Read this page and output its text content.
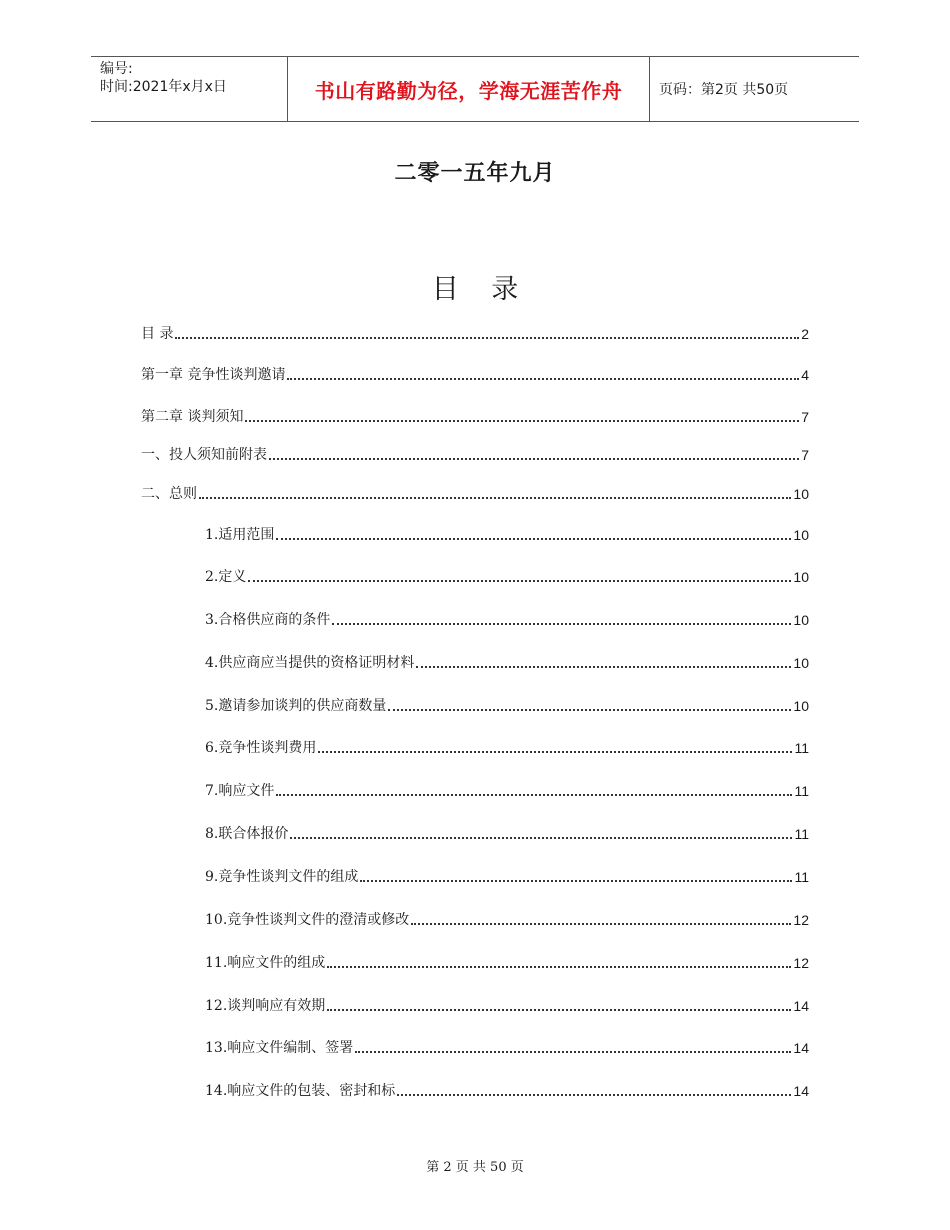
编号:
时间:2021年x月x日	书山有路勤为径，学海无涯苦作舟	页码：第2页 共50页
二零一五年九月
目 录
目 录	2
第一章 竞争性谈判邀请	4
第二章 谈判须知	7
一、投人须知前附表	7
二、总则	10
1.适用范围	10
2.定义	10
3.合格供应商的条件	10
4.供应商应当提供的资格证明材料	10
5.邀请参加谈判的供应商数量	10
6.竞争性谈判费用	11
7.响应文件	11
8.联合体报价	11
9.竞争性谈判文件的组成	11
10.竞争性谈判文件的澄清或修改	12
11.响应文件的组成	12
12.谈判响应有效期	14
13.响应文件编制、签署	14
14.响应文件的包装、密封和标	14
第 2 页 共 50 页
